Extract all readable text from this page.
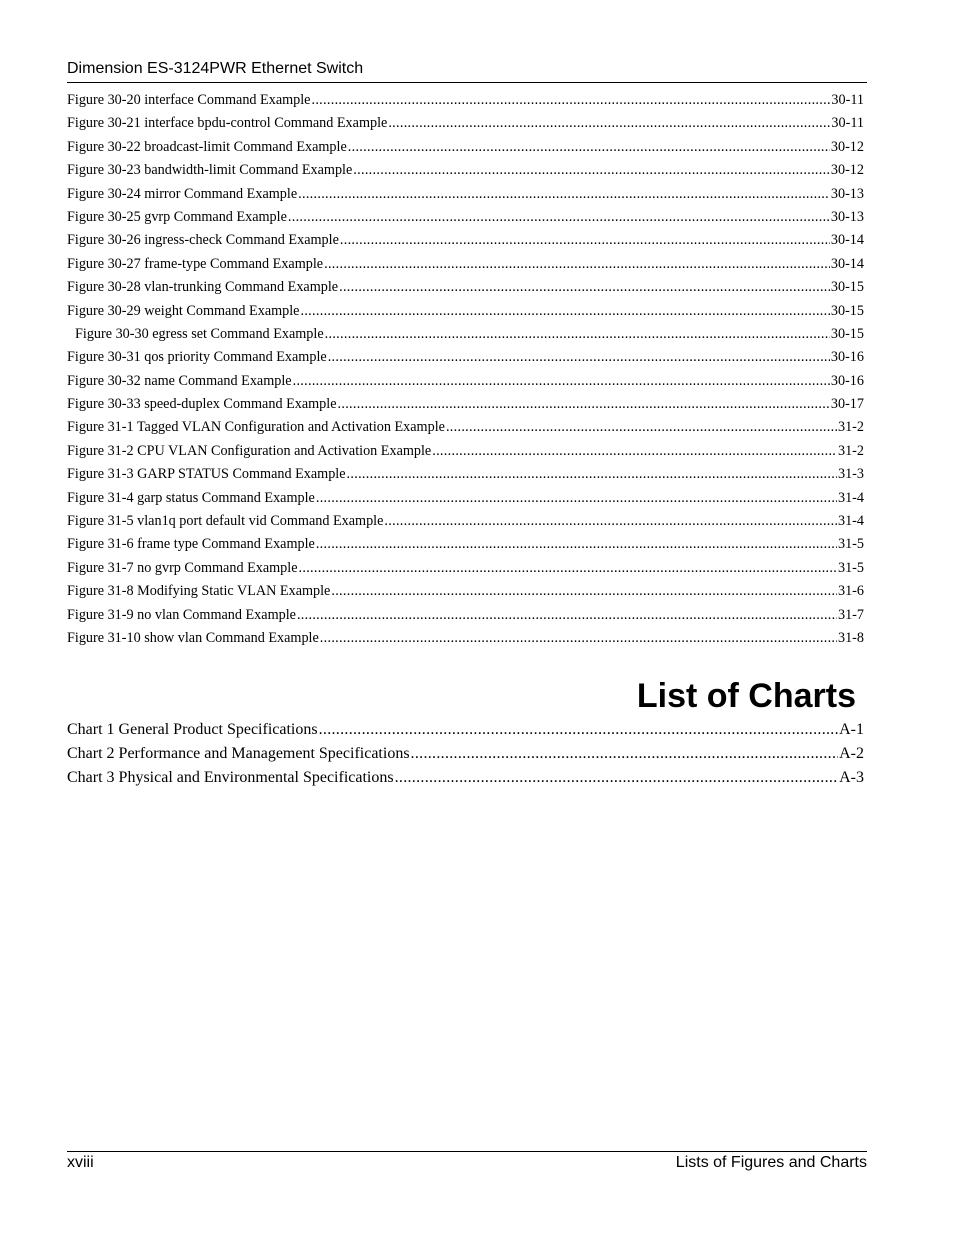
Dimension ES-3124PWR Ethernet Switch
Figure 30-20 interface Command Example .....	30-11
Figure 30-21 interface bpdu-control Command Example .....	30-11
Figure 30-22 broadcast-limit Command Example .....	30-12
Figure 30-23 bandwidth-limit Command Example .....	30-12
Figure 30-24 mirror Command Example .....	30-13
Figure 30-25 gvrp Command Example .....	30-13
Figure 30-26 ingress-check Command Example .....	30-14
Figure 30-27 frame-type Command Example .....	30-14
Figure 30-28 vlan-trunking Command Example .....	30-15
Figure 30-29 weight Command Example .....	30-15
Figure 30-30 egress set Command Example .....	30-15
Figure 30-31 qos priority Command Example .....	30-16
Figure 30-32 name Command Example .....	30-16
Figure 30-33 speed-duplex Command Example .....	30-17
Figure 31-1 Tagged VLAN Configuration and Activation Example .....	31-2
Figure 31-2 CPU VLAN Configuration and Activation Example .....	31-2
Figure 31-3 GARP STATUS Command Example .....	31-3
Figure 31-4 garp status Command Example .....	31-4
Figure 31-5 vlan1q port default vid Command Example .....	31-4
Figure 31-6 frame type Command Example .....	31-5
Figure 31-7 no gvrp Command Example .....	31-5
Figure 31-8 Modifying Static VLAN Example .....	31-6
Figure 31-9 no vlan Command Example .....	31-7
Figure 31-10 show vlan Command Example .....	31-8
List of Charts
Chart 1 General Product Specifications .....	A-1
Chart 2 Performance and Management Specifications .....	A-2
Chart 3 Physical and Environmental Specifications .....	A-3
xviii	Lists of Figures and Charts
